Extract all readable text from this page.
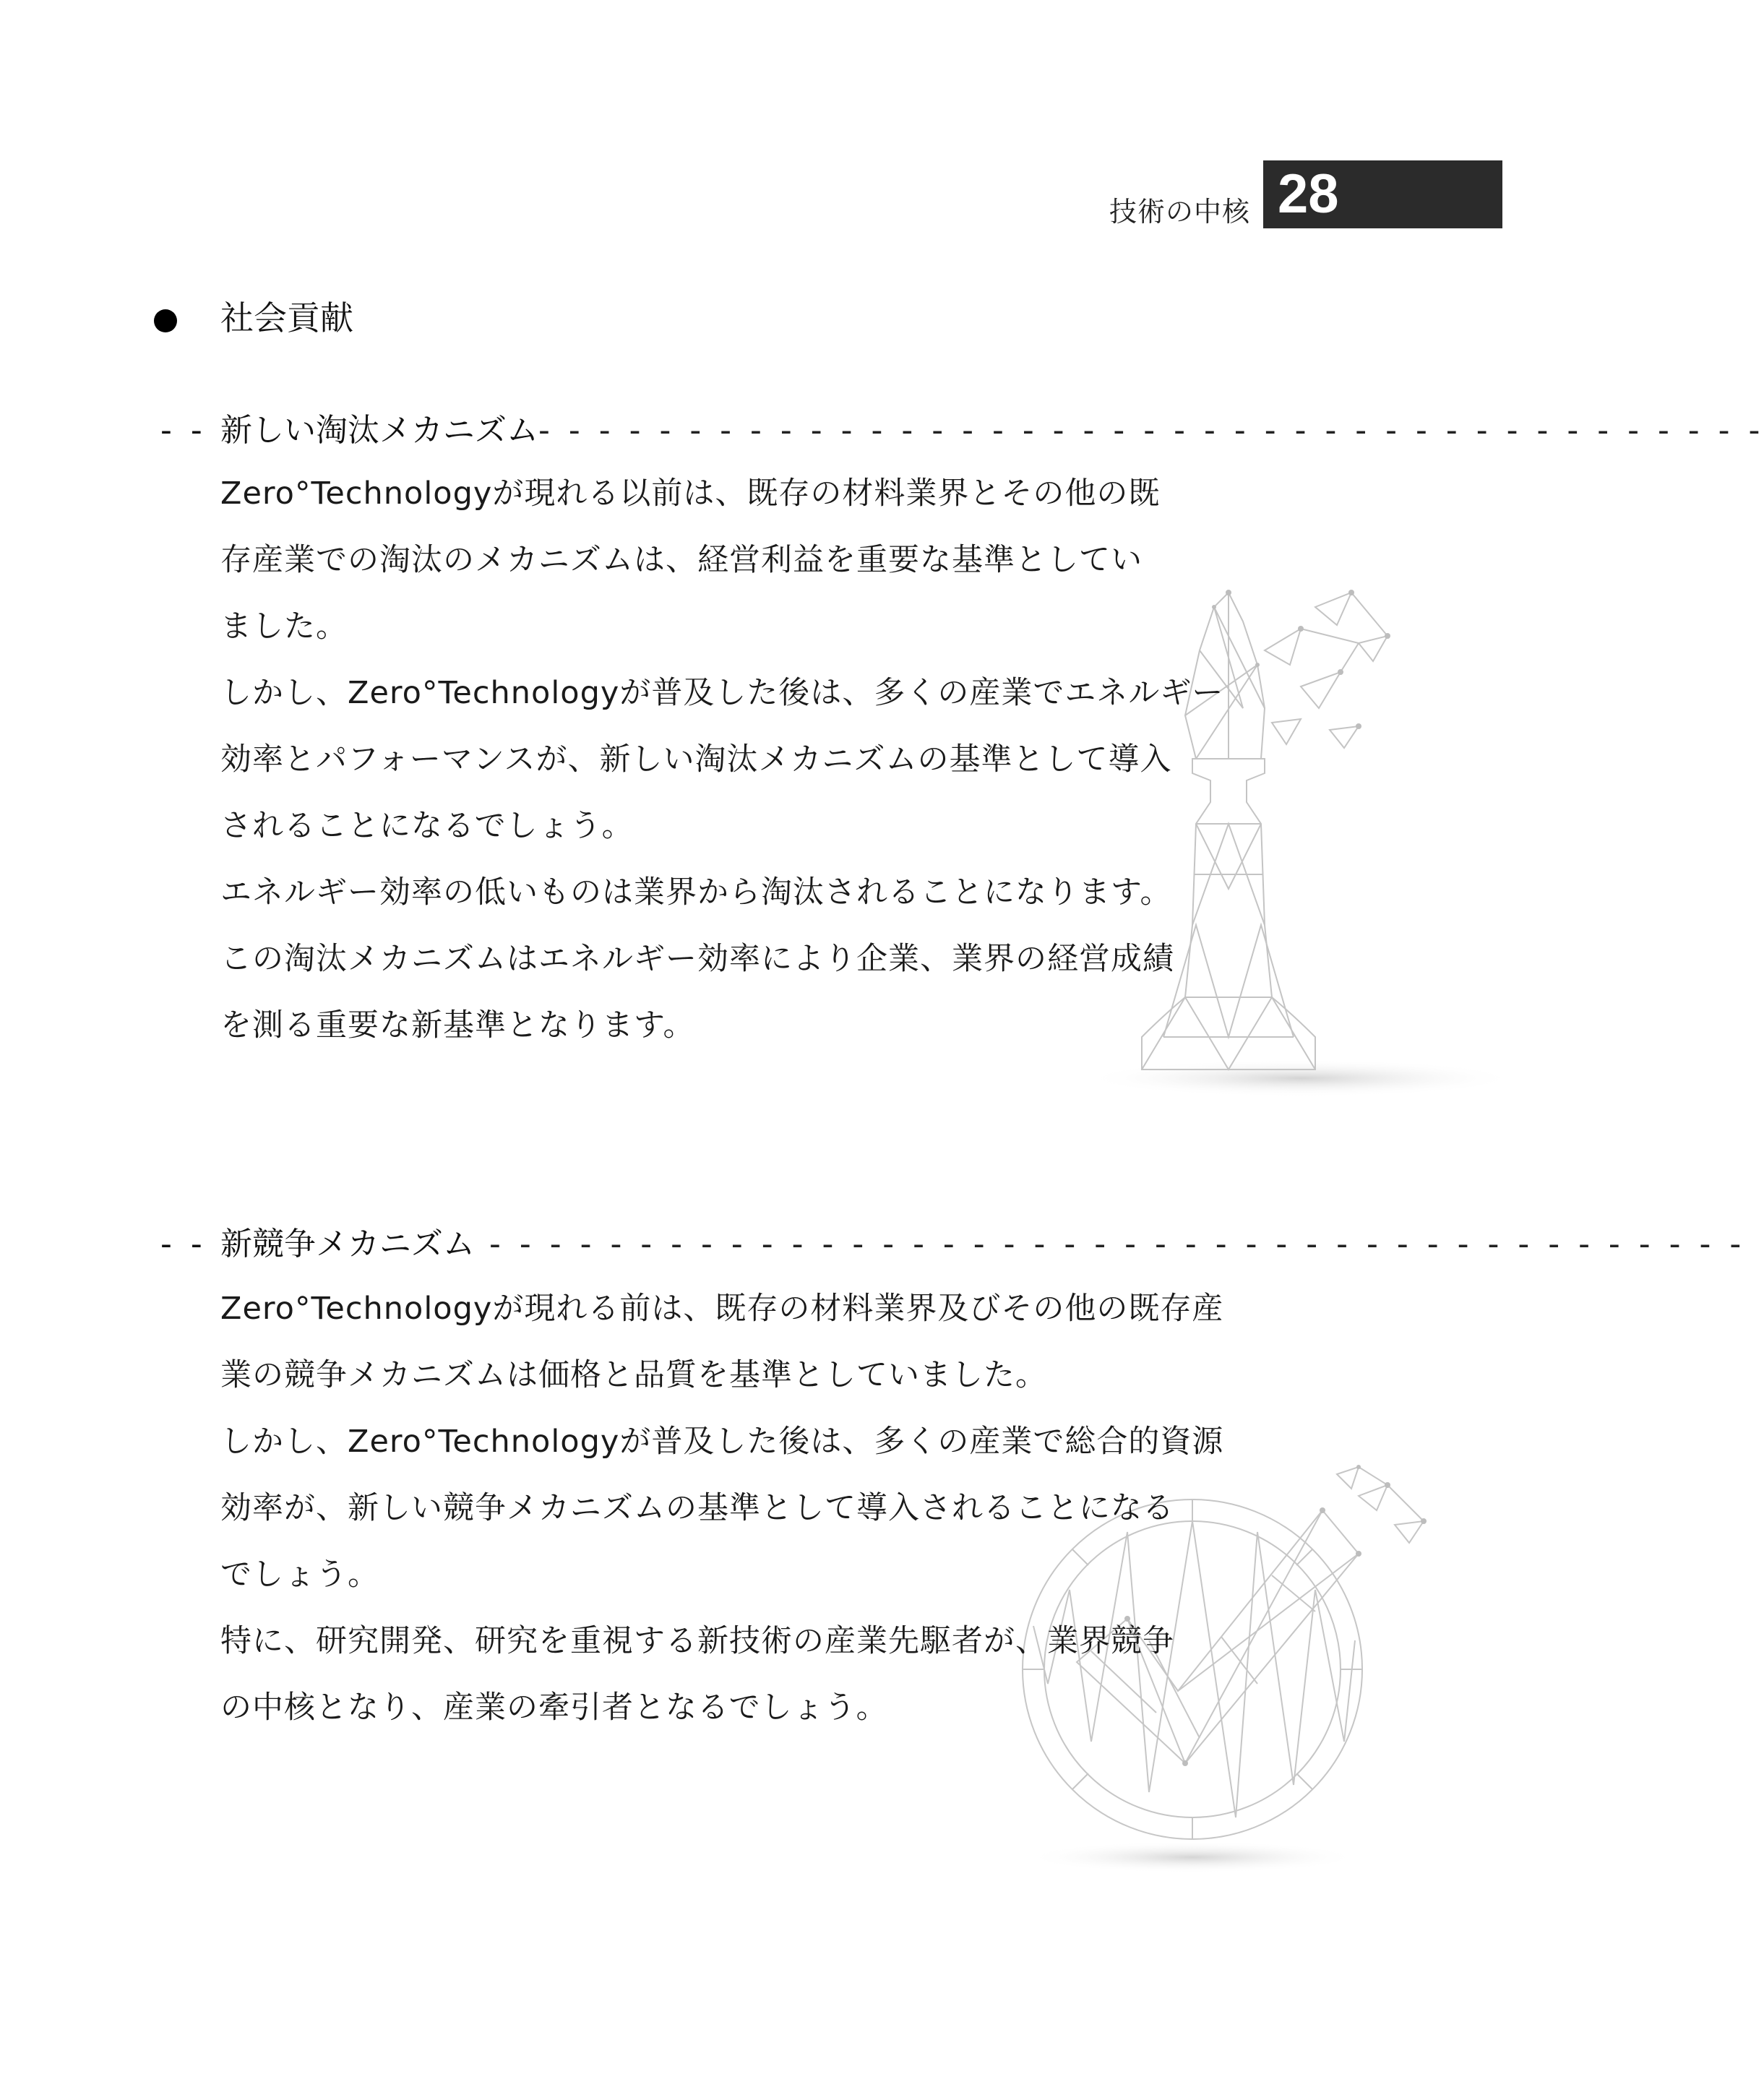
技術の中核 28
社会貢献
- - 新しい淘汰メカニズム- - - - - - - - - - - - - - - - - - - - - - - - - - - - - - - - - - - - - - - - -
Zero°Technologyが現れる以前は、既存の材料業界とその他の既
存産業での淘汰のメカニズムは、経営利益を重要な基準としてい
ました。
しかし、Zero°Technologyが普及した後は、多くの産業でエネルギー
効率とパフォーマンスが、新しい淘汰メカニズムの基準として導入
されることになるでしょう。
エネルギー効率の低いものは業界から淘汰されることになります。
この淘汰メカニズムはエネルギー効率により企業、業界の経営成績
を測る重要な新基準となります。
- - 新競争メカニズム - - - - - - - - - - - - - - - - - - - - - - - - - - - - - - - - - - - - - - - - - -
Zero°Technologyが現れる前は、既存の材料業界及びその他の既存産
業の競争メカニズムは価格と品質を基準としていました。
しかし、Zero°Technologyが普及した後は、多くの産業で総合的資源
効率が、新しい競争メカニズムの基準として導入されることになる
でしょう。
特に、研究開発、研究を重視する新技術の産業先駆者が、業界競争
の中核となり、産業の牽引者となるでしょう。
